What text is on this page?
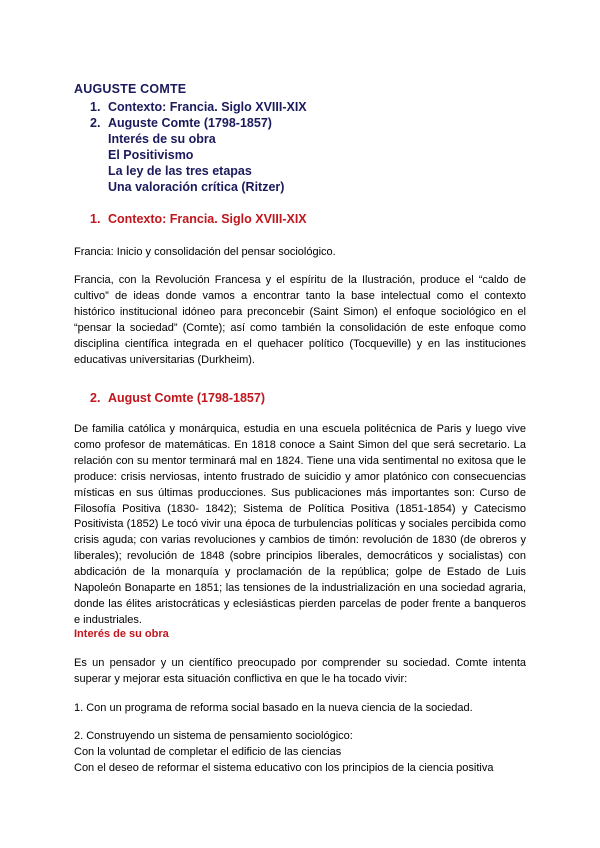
AUGUSTE COMTE
1. Contexto: Francia. Siglo XVIII-XIX
2. Auguste Comte (1798-1857)
Interés de su obra
El Positivismo
La ley de las tres etapas
Una valoración crítica (Ritzer)
1. Contexto: Francia. Siglo XVIII-XIX

Francia: Inicio y consolidación del pensar sociológico.

Francia, con la Revolución Francesa y el espíritu de la Ilustración, produce el “caldo de cultivo” de ideas donde vamos a encontrar tanto la base intelectual como el contexto histórico institucional idóneo para preconcebir (Saint Simon) el enfoque sociológico en el “pensar la sociedad” (Comte); así como también la consolidación de este enfoque como disciplina científica integrada en el quehacer político (Tocqueville) y en las instituciones educativas universitarias (Durkheim).

2. August Comte (1798-1857)

De familia católica y monárquica, estudia en una escuela politécnica de Paris y luego vive como profesor de matemáticas. En 1818 conoce a Saint Simon del que será secretario. La relación con su mentor terminará mal en 1824. Tiene una vida sentimental no exitosa que le produce: crisis nerviosas, intento frustrado de suicidio y amor platónico con consecuencias místicas en sus últimas producciones. Sus publicaciones más importantes son: Curso de Filosofía Positiva (1830- 1842); Sistema de Política Positiva (1851-1854) y Catecismo Positivista (1852) Le tocó vivir una época de turbulencias políticas y sociales percibida como crisis aguda; con varias revoluciones y cambios de timón: revolución de 1830 (de obreros y liberales); revolución de 1848 (sobre principios liberales, democráticos y socialistas) con abdicación de la monarquía y proclamación de la república; golpe de Estado de Luis Napoleón Bonaparte en 1851; las tensiones de la industrialización en una sociedad agraria, donde las élites aristocráticas y eclesiásticas pierden parcelas de poder frente a banqueros e industriales.

Interés de su obra

Es un pensador y un científico preocupado por comprender su sociedad. Comte intenta superar y mejorar esta situación conflictiva en que le ha tocado vivir:

1. Con un programa de reforma social basado en la nueva ciencia de la sociedad.

2. Construyendo un sistema de pensamiento sociológico:
Con la voluntad de completar el edificio de las ciencias
Con el deseo de reformar el sistema educativo con los principios de la ciencia positiva
